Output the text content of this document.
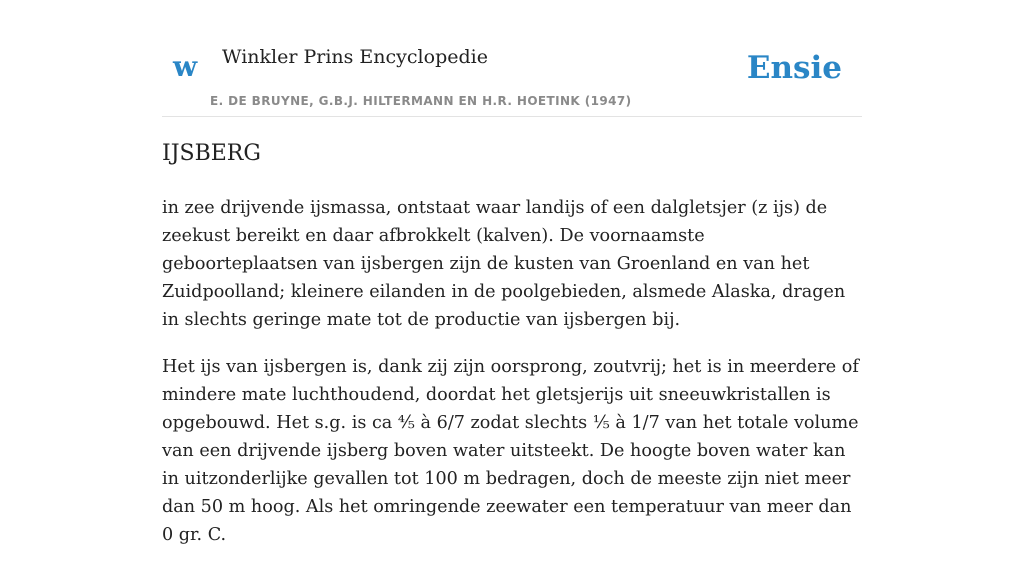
w Winkler Prins Encyclopedie
E. DE BRUYNE, G.B.J. HILTERMANN EN H.R. HOETINK (1947)
Ensie
IJSBERG

in zee drijvende ijsmassa, ontstaat waar landijs of een dalgletsjer (z ijs) de zeekust bereikt en daar afbrokkelt (kalven). De voornaamste geboorteplaatsen van ijsbergen zijn de kusten van Groenland en van het Zuidpoolland; kleinere eilanden in de poolgebieden, alsmede Alaska, dragen in slechts geringe mate tot de productie van ijsbergen bij.

Het ijs van ijsbergen is, dank zij zijn oorsprong, zoutvrij; het is in meerdere of mindere mate luchthoudend, doordat het gletsjerijs uit sneeuwkristallen is opgebouwd. Het s.g. is ca ⅘ à 6/7 zodat slechts ⅕ à 1/7 van het totale volume van een drijvende ijsberg boven water uitsteekt. De hoogte boven water kan in uitzonderlijke gevallen tot 100 m bedragen, doch de meeste zijn niet meer dan 50 m hoog. Als het omringende zeewater een temperatuur van meer dan 0 gr. C.
